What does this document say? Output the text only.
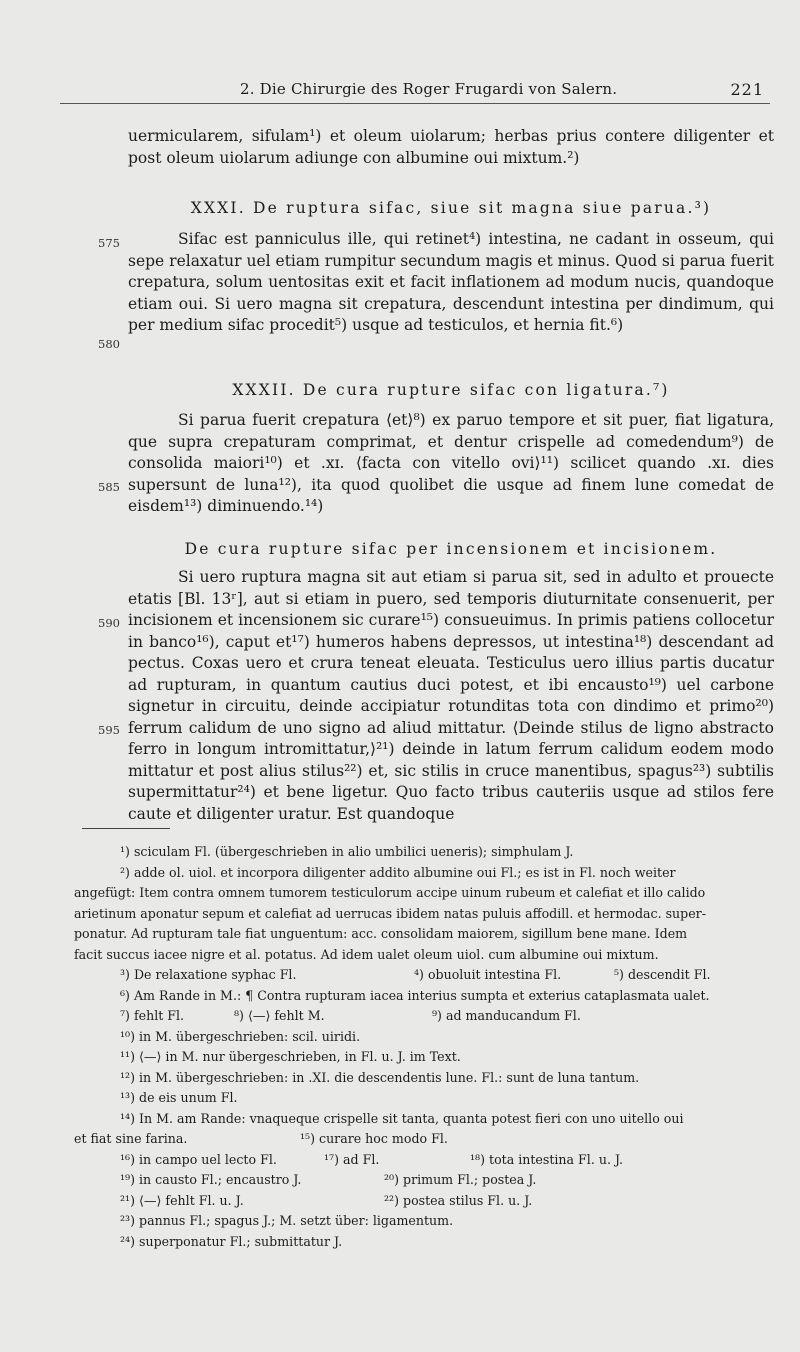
2. Die Chirurgie des Roger Frugardi von Salern.	221
uermicularem, sifulam¹) et oleum uiolarum; herbas prius contere diligenter et post oleum uiolarum adiunge con albumine oui mixtum.²)
XXXI. De ruptura sifac, siue sit magna siue parua.³)
Sifac est panniculus ille, qui retinet⁴) intestina, ne cadant in osseum, qui sepe relaxatur uel etiam rumpitur secundum magis et minus. Quod si parua fuerit crepatura, solum uentositas exit et facit inflationem ad modum nucis, quandoque etiam oui. Si uero magna sit crepatura, descendunt intestina per dindimum, qui per medium sifac procedit⁵) usque ad testiculos, et hernia fit.⁶)
XXXII. De cura rupture sifac con ligatura.⁷)
Si parua fuerit crepatura ⟨et⟩⁸) ex paruo tempore et sit puer, fiat ligatura, que supra crepaturam comprimat, et dentur crispelle ad comedendum⁹) de consolida maiori¹⁰) et .xɪ. ⟨facta con vitello ovi⟩¹¹) scilicet quando .xɪ. dies supersunt de luna¹²), ita quod quolibet die usque ad finem lune comedat de eisdem¹³) diminuendo.¹⁴)
De cura rupture sifac per incensionem et incisionem.
Si uero ruptura magna sit aut etiam si parua sit, sed in adulto et prouecte etatis [Bl. 13ʳ], aut si etiam in puero, sed temporis diuturnitate consenuerit, per incisionem et incensionem sic curare¹⁵) consueuimus. In primis patiens collocetur in banco¹⁶), caput et¹⁷) humeros habens depressos, ut intestina¹⁸) descendant ad pectus. Coxas uero et crura teneat eleuata. Testiculus uero illius partis ducatur ad rupturam, in quantum cautius duci potest, et ibi encausto¹⁹) uel carbone signetur in circuitu, deinde accipiatur rotunditas tota con dindimo et primo²⁰) ferrum calidum de uno signo ad aliud mittatur. ⟨Deinde stilus de ligno abstracto ferro in longum intromittatur,⟩²¹) deinde in latum ferrum calidum eodem modo mittatur et post alius stilus²²) et, sic stilis in cruce manentibus, spagus²³) subtilis supermittatur²⁴) et bene ligetur. Quo facto tribus cauteriis usque ad stilos fere caute et diligenter uratur. Est quandoque
575
580
585
590
595
¹) sciculam Fl. (übergeschrieben in alio umbilici ueneris); simphulam J.
²) adde ol. uiol. et incorpora diligenter addito albumine oui Fl.; es ist in Fl. noch weiter
angefügt: Item contra omnem tumorem testiculorum accipe uinum rubeum et calefiat et illo calido
arietinum aponatur sepum et calefiat ad uerrucas ibidem natas puluis affodill. et hermodac. super-
ponatur. Ad rupturam tale fiat unguentum: acc. consolidam maiorem, sigillum bene mane. Idem
facit succus iacee nigre et al. potatus. Ad idem ualet oleum uiol. cum albumine oui mixtum.
³) De relaxatione syphac Fl.	⁴) obuoluit intestina Fl.	⁵) descendit Fl.
⁶) Am Rande in M.: ¶ Contra rupturam iacea interius sumpta et exterius cataplasmata ualet.
⁷) fehlt Fl.	⁸) ⟨—⟩ fehlt M.	⁹) ad manducandum Fl.
¹⁰) in M. übergeschrieben: scil. uiridi.
¹¹) ⟨—⟩ in M. nur übergeschrieben, in Fl. u. J. im Text.
¹²) in M. übergeschrieben: in .XI. die descendentis lune. Fl.: sunt de luna tantum.
¹³) de eis unum Fl.
¹⁴) In M. am Rande: vnaqueque crispelle sit tanta, quanta potest fieri con uno uitello oui
et fiat sine farina.	¹⁵) curare hoc modo Fl.
¹⁶) in campo uel lecto Fl.	¹⁷) ad Fl.	¹⁸) tota intestina Fl. u. J.
¹⁹) in causto Fl.; encaustro J.	²⁰) primum Fl.; postea J.
²¹) ⟨—⟩ fehlt Fl. u. J.	²²) postea stilus Fl. u. J.
²³) pannus Fl.; spagus J.; M. setzt über: ligamentum.
²⁴) superponatur Fl.; submittatur J.
